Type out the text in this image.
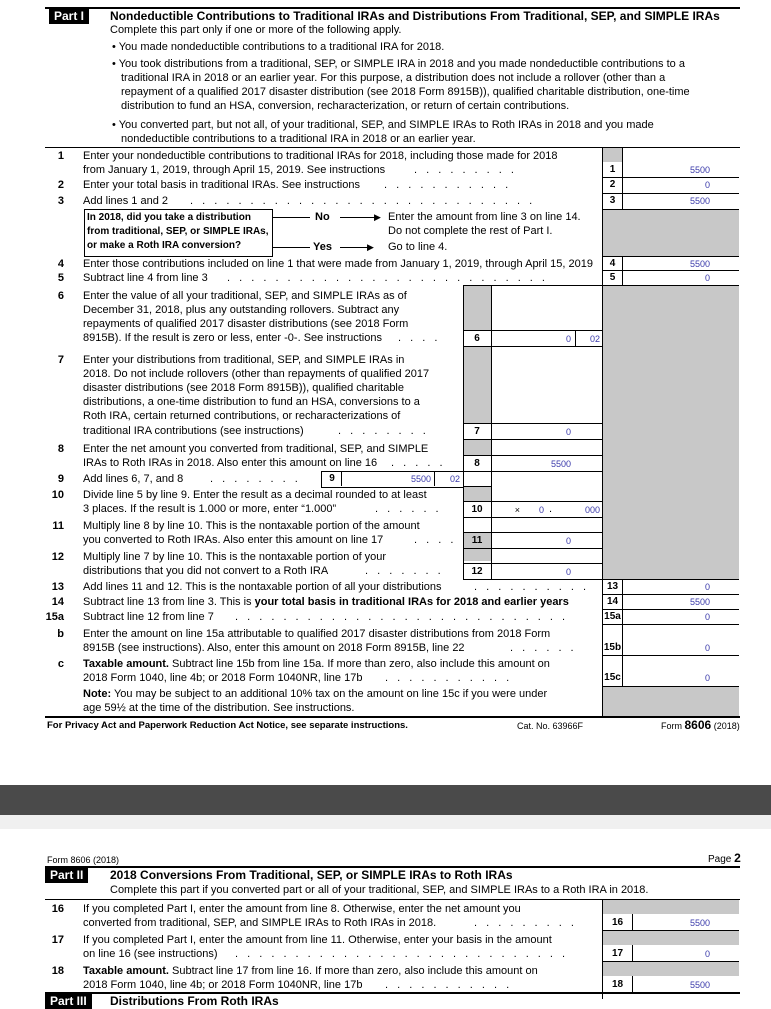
Part I	Nondeductible Contributions to Traditional IRAs and Distributions From Traditional, SEP, and SIMPLE IRAs
Complete this part only if one or more of the following apply.
• You made nondeductible contributions to a traditional IRA for 2018.
• You took distributions from a traditional, SEP, or SIMPLE IRA in 2018 and you made nondeductible contributions to a
traditional IRA in 2018 or an earlier year. For this purpose, a distribution does not include a rollover (other than a
repayment of a qualified 2017 disaster distribution (see 2018 Form 8915B)), qualified charitable distribution, one-time
distribution to fund an HSA, conversion, recharacterization, or return of certain contributions.
• You converted part, but not all, of your traditional, SEP, and SIMPLE IRAs to Roth IRAs in 2018 and you made
nondeductible contributions to a traditional IRA in 2018 or an earlier year.
1 Enter your nondeductible contributions to traditional IRAs for 2018, including those made for 2018
from January 1, 2019, through April 15, 2019. See instructions	. . . . . . . . .	1	5500
2 Enter your total basis in traditional IRAs. See instructions . . . . . . . . . . .	2	0
3 Add lines 1 and 2 . . . . . . . . . . . . . . . . . . . . . . . . . . . . .	3	5500
In 2018, did you take a distribution
from traditional, SEP, or SIMPLE IRAs,
or make a Roth IRA conversion?
No	▶ Enter the amount from line 3 on line 14.
Do not complete the rest of Part I.
Yes	▶ Go to line 4.
4 Enter those contributions included on line 1 that were made from January 1, 2019, through April 15, 2019	4	5500
5 Subtract line 4 from line 3 . . . . . . . . . . . . . . . . . . . . . . . . . . .	5	0
6 Enter the value of all your traditional, SEP, and SIMPLE IRAs as of
December 31, 2018, plus any outstanding rollovers. Subtract any
repayments of qualified 2017 disaster distributions (see 2018 Form
8915B). If the result is zero or less, enter -0-. See instructions . . . .	6	0	02
7 Enter your distributions from traditional, SEP, and SIMPLE IRAs in
2018. Do not include rollovers (other than repayments of qualified 2017
disaster distributions (see 2018 Form 8915B)), qualified charitable
distributions, a one-time distribution to fund an HSA, conversions to a
Roth IRA, certain returned contributions, or recharacterizations of
traditional IRA contributions (see instructions)	. . . . . . . .	7	0
8 Enter the net amount you converted from traditional, SEP, and SIMPLE
IRAs to Roth IRAs in 2018. Also enter this amount on line 16 . . . . .	8	5500
9 Add lines 6, 7, and 8 . . . . . . . .	9	5500	02
10 Divide line 5 by line 9. Enter the result as a decimal rounded to at least
3 places. If the result is 1.000 or more, enter “1.000”	. . . . . .	10	×	0 .	000
11 Multiply line 8 by line 10. This is the nontaxable portion of the amount
you converted to Roth IRAs. Also enter this amount on line 17	. . . .	11	0
12 Multiply line 7 by line 10. This is the nontaxable portion of your
distributions that you did not convert to a Roth IRA	. . . . . . .	12	0
13 Add lines 11 and 12. This is the nontaxable portion of all your distributions	. . . . . . . . . .	13	0
14 Subtract line 13 from line 3. This is your total basis in traditional IRAs for 2018 and earlier years	14	5500
15a Subtract line 12 from line 7 . . . . . . . . . . . . . . . . . . . . . . . . . . . .	15a	0
b Enter the amount on line 15a attributable to qualified 2017 disaster distributions from 2018 Form
8915B (see instructions). Also, enter this amount on 2018 Form 8915B, line 22	. . . . . .	15b	0
c Taxable amount. Subtract line 15b from line 15a. If more than zero, also include this amount on
2018 Form 1040, line 4b; or 2018 Form 1040NR, line 17b . . . . . . . . . . .	15c	0
Note: You may be subject to an additional 10% tax on the amount on line 15c if you were under
age 59½ at the time of the distribution. See instructions.
For Privacy Act and Paperwork Reduction Act Notice, see separate instructions.	Cat. No. 63966F	Form 8606 (2018)
Form 8606 (2018)	Page 2
Part II	2018 Conversions From Traditional, SEP, or SIMPLE IRAs to Roth IRAs
Complete this part if you converted part or all of your traditional, SEP, and SIMPLE IRAs to a Roth IRA in 2018.
16 If you completed Part I, enter the amount from line 8. Otherwise, enter the net amount you
converted from traditional, SEP, and SIMPLE IRAs to Roth IRAs in 2018.	. . . . . . . . .	16	5500
17 If you completed Part I, enter the amount from line 11. Otherwise, enter your basis in the amount
on line 16 (see instructions) . . . . . . . . . . . . . . . . . . . . . . . . . . . .	17	0
18 Taxable amount. Subtract line 17 from line 16. If more than zero, also include this amount on
2018 Form 1040, line 4b; or 2018 Form 1040NR, line 17b . . . . . . . . . . .	18	5500
Part III	Distributions From Roth IRAs
